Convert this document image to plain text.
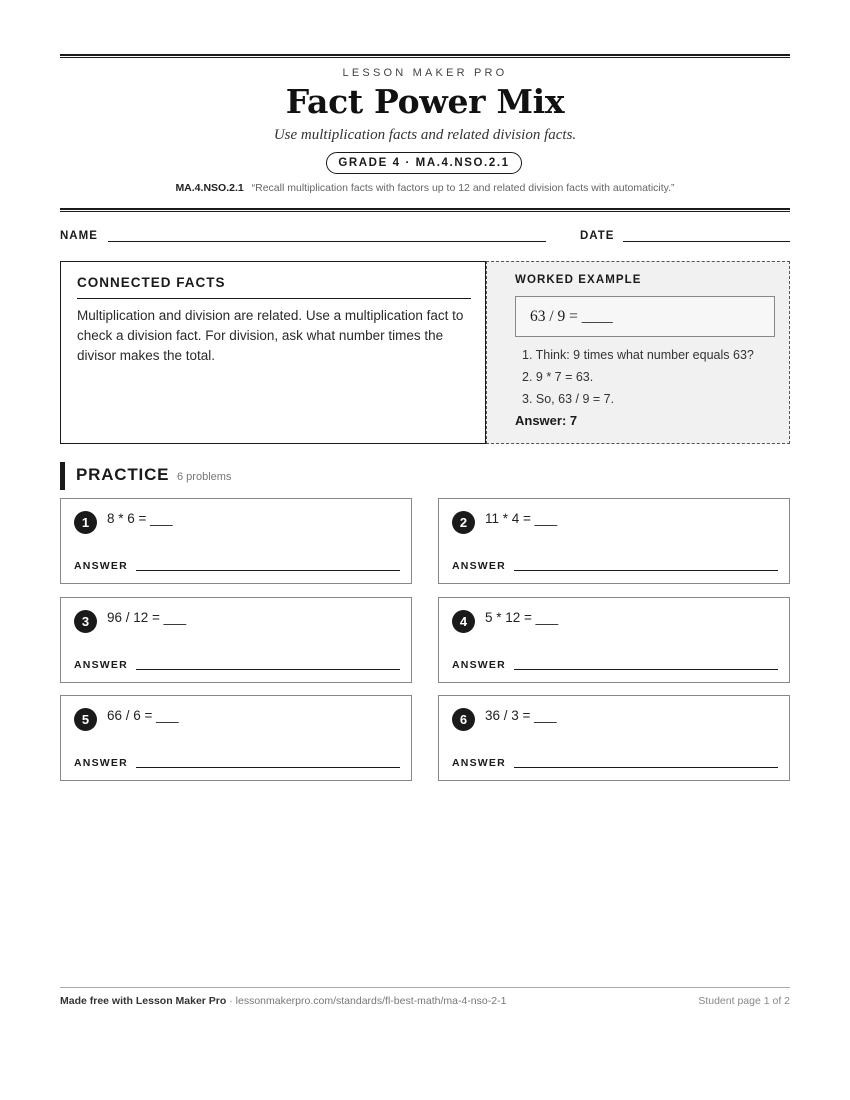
LESSON MAKER PRO
Fact Power Mix
Use multiplication facts and related division facts.
GRADE 4 · MA.4.NSO.2.1
MA.4.NSO.2.1 “Recall multiplication facts with factors up to 12 and related division facts with automaticity.”
NAME	DATE
CONNECTED FACTS
Multiplication and division are related. Use a multiplication fact to check a division fact. For division, ask what number times the divisor makes the total.
WORKED EXAMPLE
63 / 9 = ____
1. Think: 9 times what number equals 63?
2. 9 * 7 = 63.
3. So, 63 / 9 = 7.
Answer: 7
PRACTICE 6 problems
1	8 * 6 = ___
ANSWER
2	11 * 4 = ___
ANSWER
3	96 / 12 = ___
ANSWER
4	5 * 12 = ___
ANSWER
5	66 / 6 = ___
ANSWER
6	36 / 3 = ___
ANSWER
Made free with Lesson Maker Pro · lessonmakerpro.com/standards/fl-best-math/ma-4-nso-2-1	Student page 1 of 2
